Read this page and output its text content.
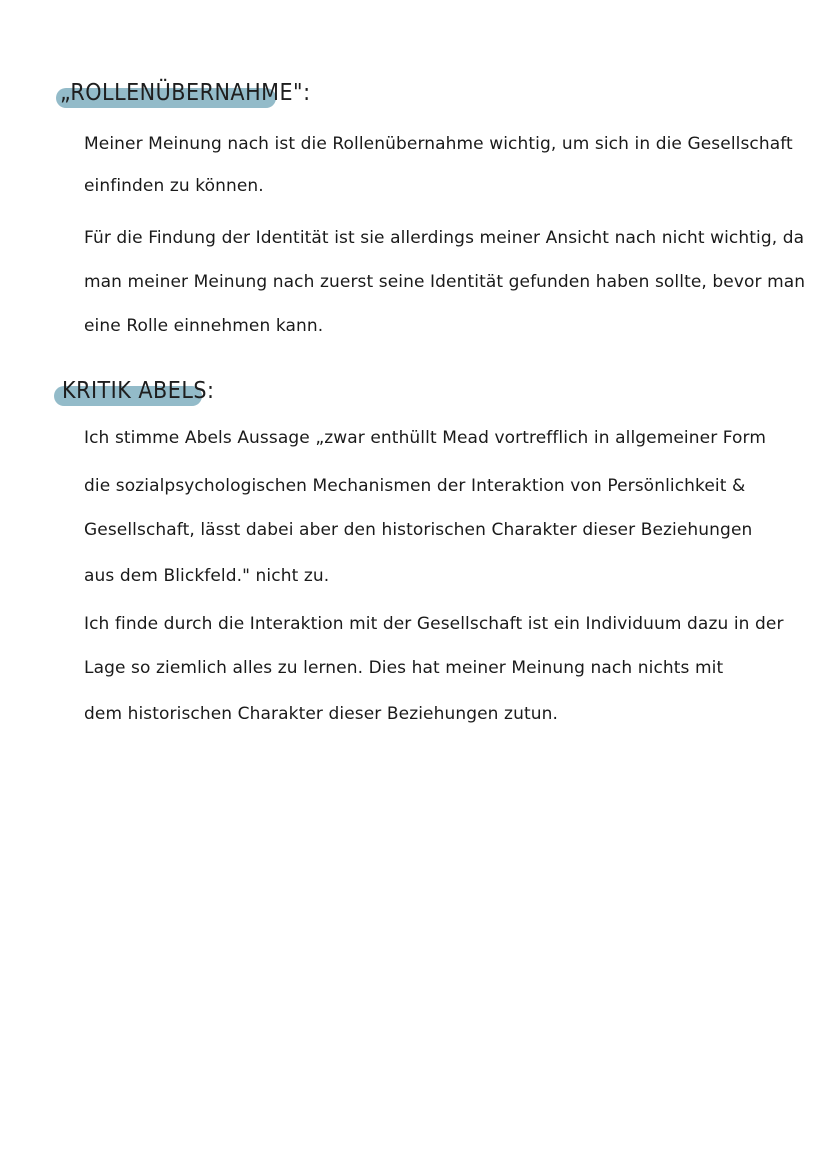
„ROLLENÜBERNAHME":
Meiner Meinung nach ist die Rollenübernahme wichtig, um sich in die Gesellschaft
einfinden zu können.
Für die Findung der Identität ist sie allerdings meiner Ansicht nach nicht wichtig, da
man meiner Meinung nach zuerst seine Identität gefunden haben sollte, bevor man
eine Rolle einnehmen kann.
KRITIK ABELS:
Ich stimme Abels Aussage „zwar enthüllt Mead vortrefflich in allgemeiner Form
die sozialpsychologischen Mechanismen der Interaktion von Persönlichkeit &
Gesellschaft, lässt dabei aber den historischen Charakter dieser Beziehungen
aus dem Blickfeld." nicht zu.
Ich finde durch die Interaktion mit der Gesellschaft ist ein Individuum dazu in der
Lage so ziemlich alles zu lernen. Dies hat meiner Meinung nach nichts mit
dem historischen Charakter dieser Beziehungen zutun.
